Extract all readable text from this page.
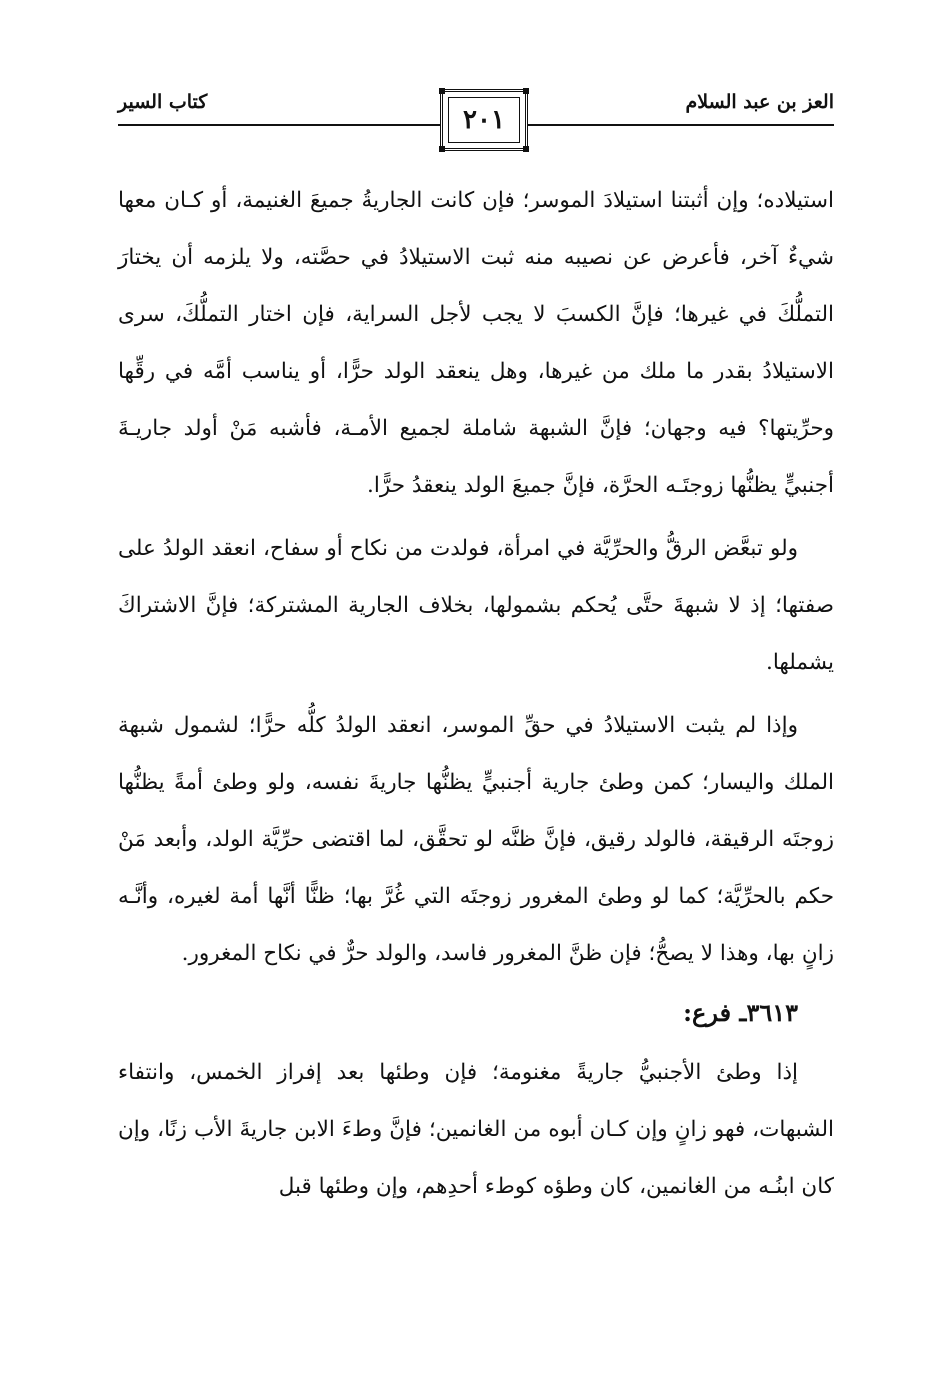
العز بن عبد السلام
كتاب السير
٢٠١

استيلاده؛ وإن أثبتنا استيلادَ الموسر؛ فإن كانت الجاريةُ جميعَ الغنيمة، أو كـان معها شيءٌ آخر، فأعرض عن نصيبه منه ثبت الاستيلادُ في حصَّته، ولا يلزمه أن يختارَ التملُّكَ في غيرها؛ فإنَّ الكسبَ لا يجب لأجل السراية، فإن اختار التملُّكَ، سرى الاستيلادُ بقدر ما ملك من غيرها، وهل ينعقد الولد حرًّا، أو يناسب أمَّه في رقِّها وحرِّيتها؟ فيه وجهان؛ فإنَّ الشبهة شاملة لجميع الأمـة، فأشبه مَنْ أولد جاريـةَ أجنبيٍّ يظنُّها زوجتَـه الحرَّة، فإنَّ جميعَ الولد ينعقدُ حرًّا.

ولو تبعَّض الرقُّ والحرِّيَّة في امرأة، فولدت من نكاح أو سفاح، انعقد الولدُ على صفتها؛ إذ لا شبهةَ حتَّى يُحكم بشمولها، بخلاف الجارية المشتركة؛ فإنَّ الاشتراكَ يشملها.

وإذا لم يثبت الاستيلادُ في حقِّ الموسر، انعقد الولدُ كلُّه حرًّا؛ لشمول شبهة الملك واليسار؛ كمن وطئ جارية أجنبيٍّ يظنُّها جاريةَ نفسه، ولو وطئ أمةً يظنُّها زوجتَه الرقيقة، فالولد رقيق، فإنَّ ظنَّه لو تحقَّق، لما اقتضى حرِّيَّة الولد، وأبعد مَنْ حكم بالحرِّيَّة؛ كما لو وطئ المغرور زوجتَه التي غُرَّ بها؛ ظنًّا أنَّها أمة لغيره، وأنَّـه زانٍ بها، وهذا لا يصحُّ؛ فإن ظنَّ المغرور فاسد، والولد حرٌّ في نكاح المغرور.

٣٦١٣ـ فرع:

إذا وطئ الأجنبيُّ جاريةً مغنومة؛ فإن وطئها بعد إفراز الخمس، وانتفاء الشبهات، فهو زانٍ وإن كـان أبوه من الغانمين؛ فإنَّ وطءَ الابن جاريةَ الأب زنًا، وإن كان ابنُـه من الغانمين، كان وطؤه كوطء أحدِهم، وإن وطئها قبل
